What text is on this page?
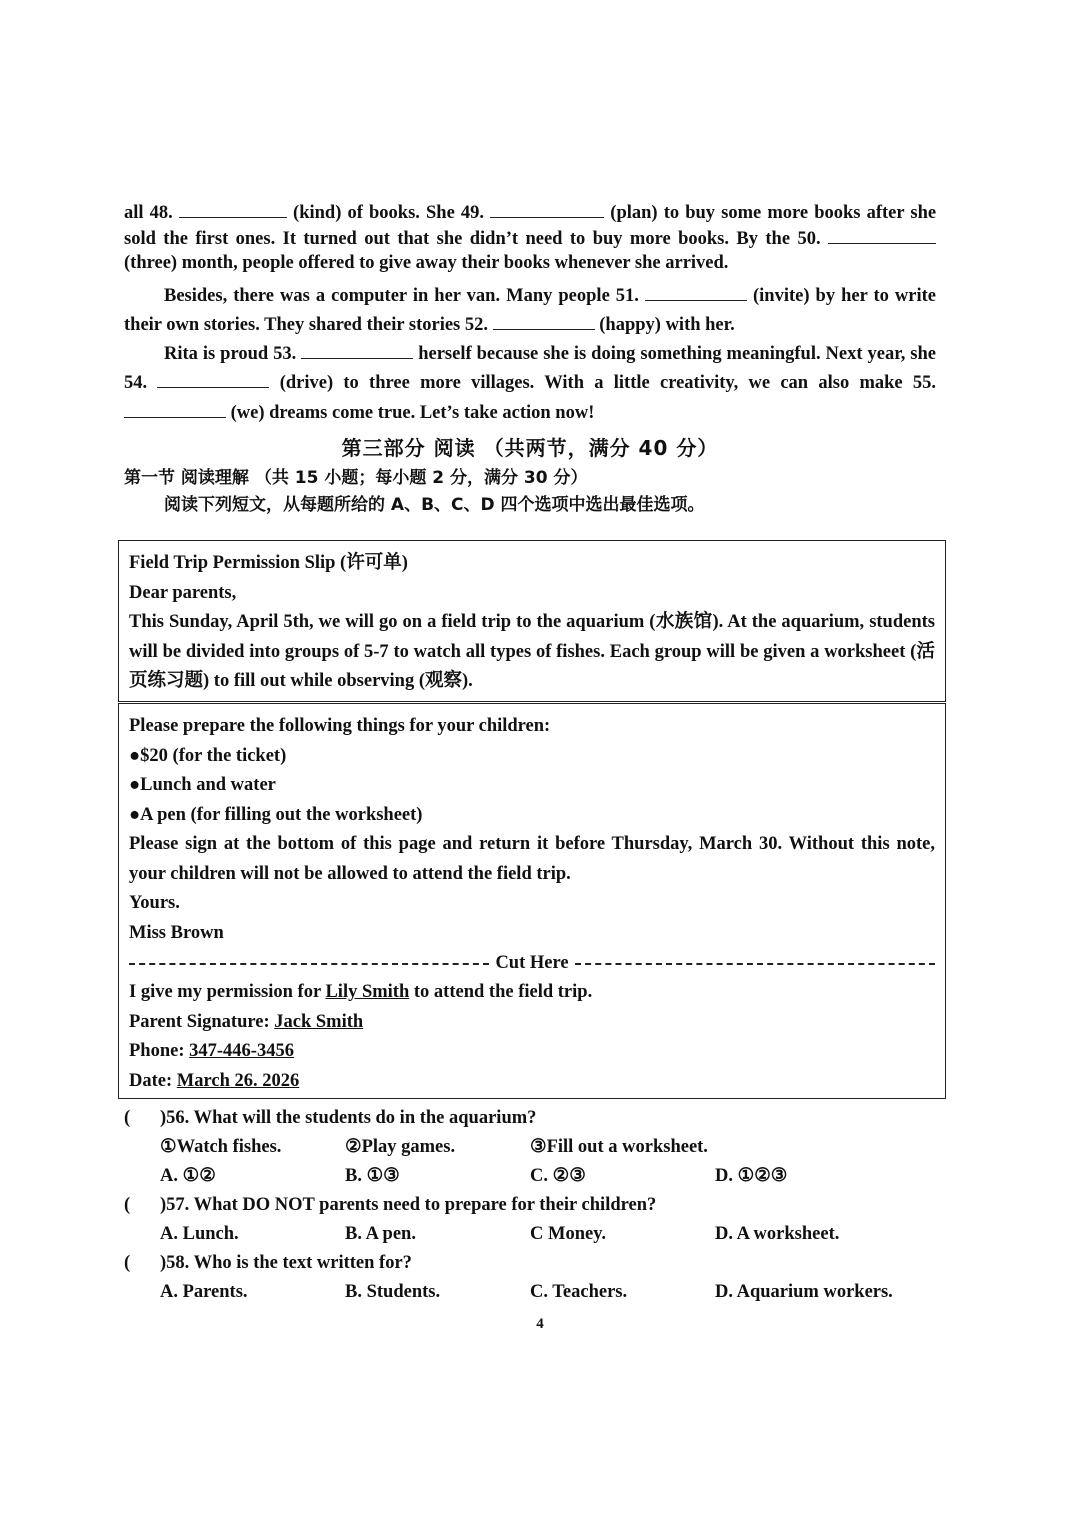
all 48.	(kind) of books. She 49.	(plan) to buy some more books after she sold the first ones. It turned out that she didn’t need to buy more books. By the 50.  (three) month, people offered to give away their books whenever she arrived.

Besides, there was a computer in her van. Many people 51.	(invite) by her to write their own stories. They shared their stories 52.	(happy) with her.

Rita is proud 53.	herself because she is doing something meaningful. Next year, she 54.	(drive) to three more villages. With a little creativity, we can also make 55.  (we) dreams come true. Let’s take action now!

第三部分 阅读 （共两节，满分 40 分）
第一节 阅读理解 （共 15 小题；每小题 2 分，满分 30 分）
阅读下列短文，从每题所给的 A、B、C、D 四个选项中选出最佳选项。

Field Trip Permission Slip (许可单)

Dear parents,

This Sunday, April 5th, we will go on a field trip to the aquarium (水族馆). At the aquarium, students will be divided into groups of 5-7 to watch all types of fishes. Each group will be given a worksheet (活页练习题) to fill out while observing (观察).

Please prepare the following things for your children:

●$20 (for the ticket)

●Lunch and water

●A pen (for filling out the worksheet)

Please sign at the bottom of this page and return it before Thursday, March 30. Without this note, your children will not be allowed to attend the field trip.

Yours.

Miss Brown

Cut Here

I give my permission for Lily Smith to attend the field trip.

Parent Signature: Jack Smith

Phone: 347-446-3456

Date: March 26. 2026

( )56. What will the students do in the aquarium?

①Watch fishes.	②Play games.	③Fill out a worksheet.
A. ①②	B. ①③	C. ②③	D. ①②③

( )57. What DO NOT parents need to prepare for their children?

A. Lunch.	B. A pen.	C Money.	D. A worksheet.

( )58. Who is the text written for?

A. Parents.	B. Students.	C. Teachers.	D. Aquarium workers.
4
